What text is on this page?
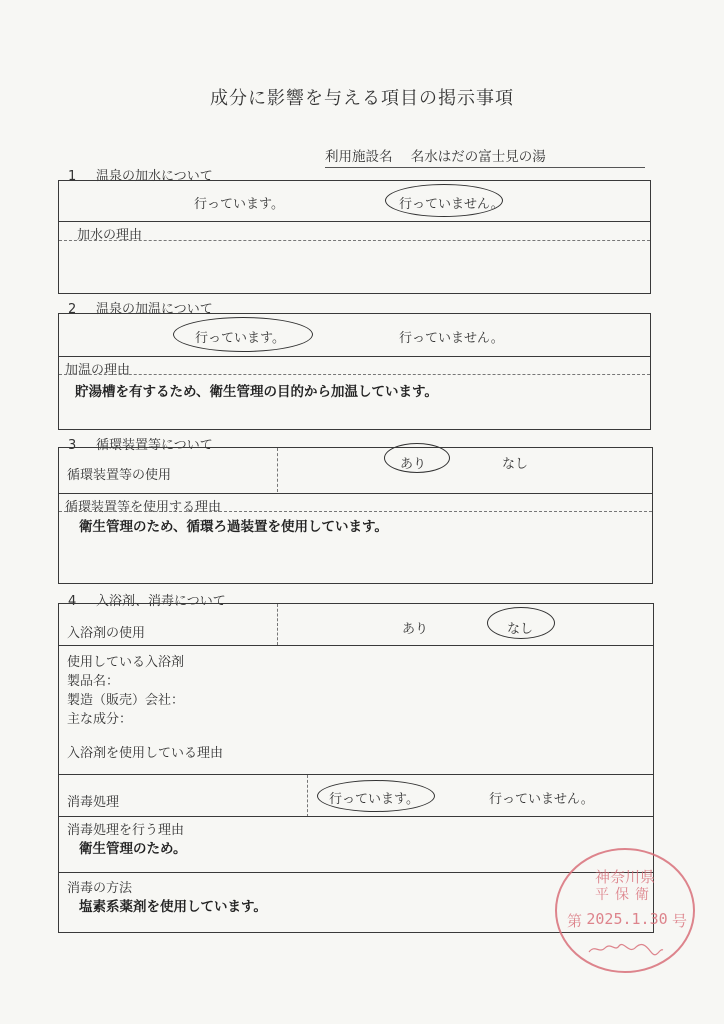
成分に影響を与える項目の掲示事項
利用施設名 名水はだの富士見の湯
1 温泉の加水について
行っています。	行っていません。
加水の理由
2 温泉の加温について
行っています。	行っていません。
加温の理由
貯湯槽を有するため、衛生管理の目的から加温しています。
3 循環装置等について
循環装置等の使用
あり	なし
循環装置等を使用する理由
衛生管理のため、循環ろ過装置を使用しています。
4 入浴剤、消毒について
入浴剤の使用	あり	なし
使用している入浴剤
製品名：
製造（販売）会社：
主な成分：
入浴剤を使用している理由
消毒処理	行っています。	行っていません。
消毒処理を行う理由
衛生管理のため。
消毒の方法
塩素系薬剤を使用しています。
神奈川県
平保衛
第 2025.1.30 号
